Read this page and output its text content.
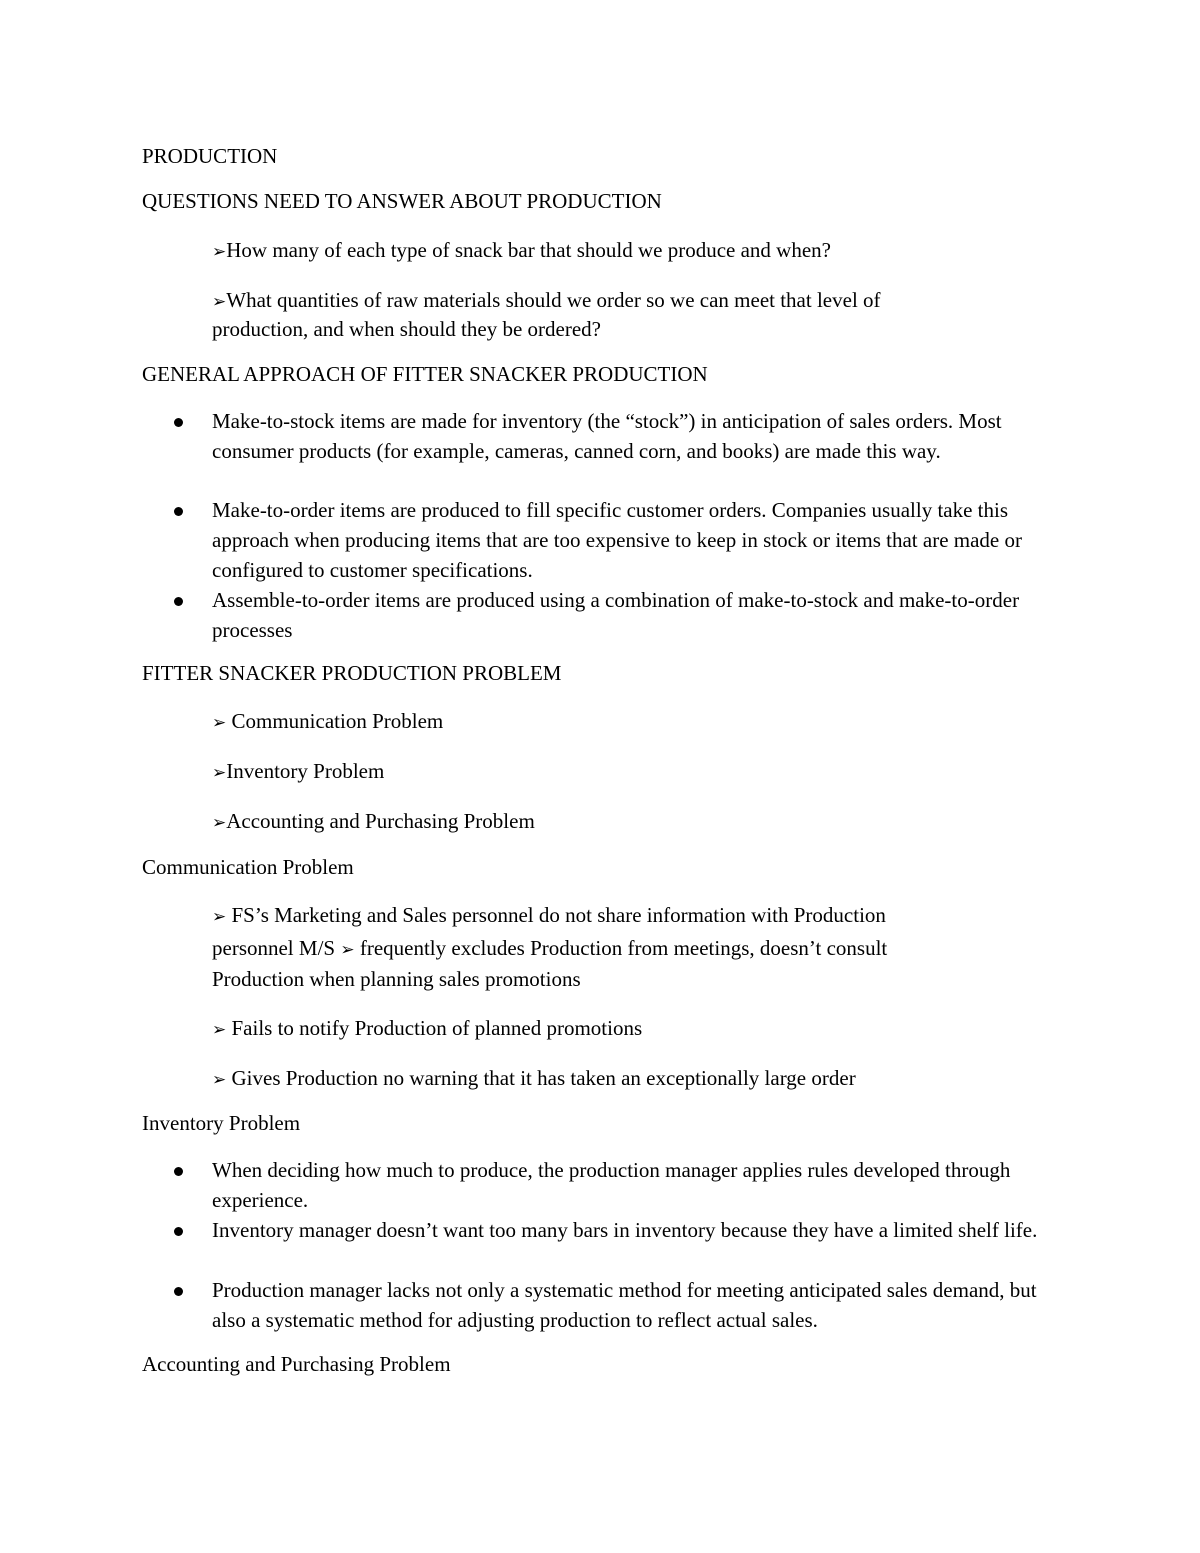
PRODUCTION
QUESTIONS NEED TO ANSWER ABOUT PRODUCTION
➢How many of each type of snack bar that should we produce and when?
➢What quantities of raw materials should we order so we can meet that level of
production, and when should they be ordered?
GENERAL APPROACH OF FITTER SNACKER PRODUCTION
Make-to-stock items are made for inventory (the “stock”) in anticipation of sales orders. Most consumer products (for example, cameras, canned corn, and books) are made this way.
Make-to-order items are produced to fill specific customer orders. Companies usually take this approach when producing items that are too expensive to keep in stock or items that are made or configured to customer specifications.
Assemble-to-order items are produced using a combination of make-to-stock and make-to-order processes
FITTER SNACKER PRODUCTION PROBLEM
➢ Communication Problem
➢Inventory Problem
➢Accounting and Purchasing Problem
Communication Problem
➢ FS’s Marketing and Sales personnel do not share information with Production
personnel M/S ➢ frequently excludes Production from meetings, doesn’t consult
Production when planning sales promotions
➢ Fails to notify Production of planned promotions
➢ Gives Production no warning that it has taken an exceptionally large order
Inventory Problem
When deciding how much to produce, the production manager applies rules developed through experience.
Inventory manager doesn’t want too many bars in inventory because they have a limited shelf life.
Production manager lacks not only a systematic method for meeting anticipated sales demand, but also a systematic method for adjusting production to reflect actual sales.
Accounting and Purchasing Problem
